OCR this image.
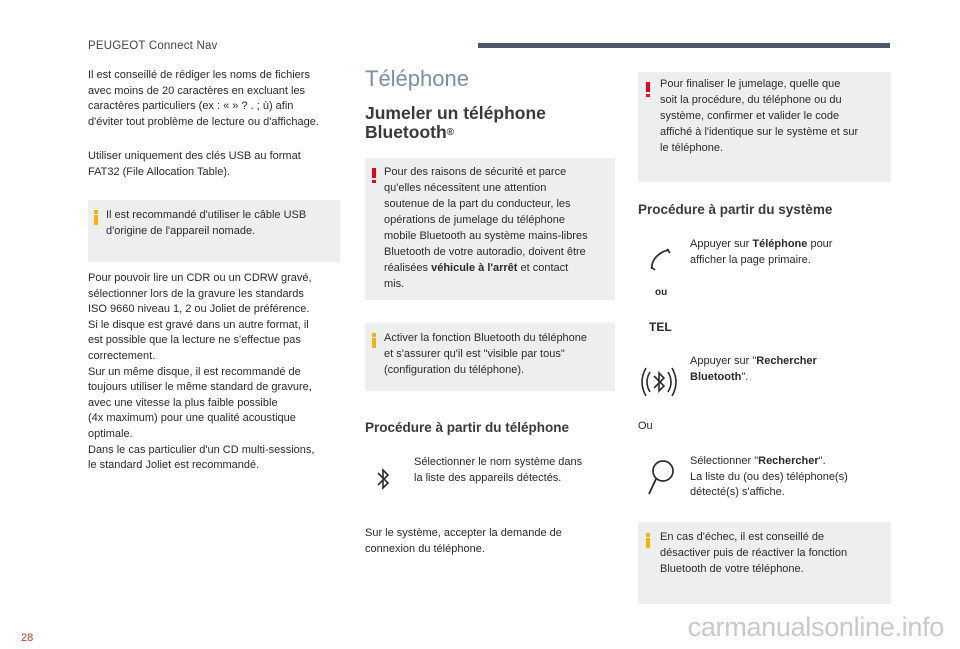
PEUGEOT Connect Nav

Il est conseillé de rédiger les noms de fichiers

avec moins de 20 caractères en excluant les

caractères particuliers (ex : « » ? . ; ù) afin

d'éviter tout problème de lecture ou d'affichage.

Utiliser uniquement des clés USB au format

FAT32 (File Allocation Table).

Il est recommandé d'utiliser le câble USB

d'origine de l'appareil nomade.

Pour pouvoir lire un CDR ou un CDRW gravé,

sélectionner lors de la gravure les standards

ISO 9660 niveau 1, 2 ou Joliet de préférence.

Si le disque est gravé dans un autre format, il

est possible que la lecture ne s'effectue pas

correctement.

Sur un même disque, il est recommandé de

toujours utiliser le même standard de gravure,

avec une vitesse la plus faible possible

(4x maximum) pour une qualité acoustique

optimale.

Dans le cas particulier d'un CD multi-sessions,

le standard Joliet est recommandé.

Téléphone
Jumeler un téléphone
Bluetooth®

Pour des raisons de sécurité et parce

qu'elles nécessitent une attention

soutenue de la part du conducteur, les

opérations de jumelage du téléphone

mobile Bluetooth au système mains-libres

Bluetooth de votre autoradio, doivent être

réalisées véhicule à l'arrêt et contact

mis.

Activer la fonction Bluetooth du téléphone

et s'assurer qu'il est "visible par tous"

(configuration du téléphone).

Procédure à partir du téléphone

Sélectionner le nom système dans

la liste des appareils détectés.

Sur le système, accepter la demande de

connexion du téléphone.

Pour finaliser le jumelage, quelle que

soit la procédure, du téléphone ou du

système, confirmer et valider le code

affiché à l'identique sur le système et sur

le téléphone.

Procédure à partir du système
ou
TEL

Appuyer sur Téléphone pour

afficher la page primaire.

Appuyer sur "Rechercher

Bluetooth".

Ou

Sélectionner "Rechercher".

La liste du (ou des) téléphone(s)

détecté(s) s'affiche.

En cas d'échec, il est conseillé de

désactiver puis de réactiver la fonction

Bluetooth de votre téléphone.

28	carmanualsonline.info
